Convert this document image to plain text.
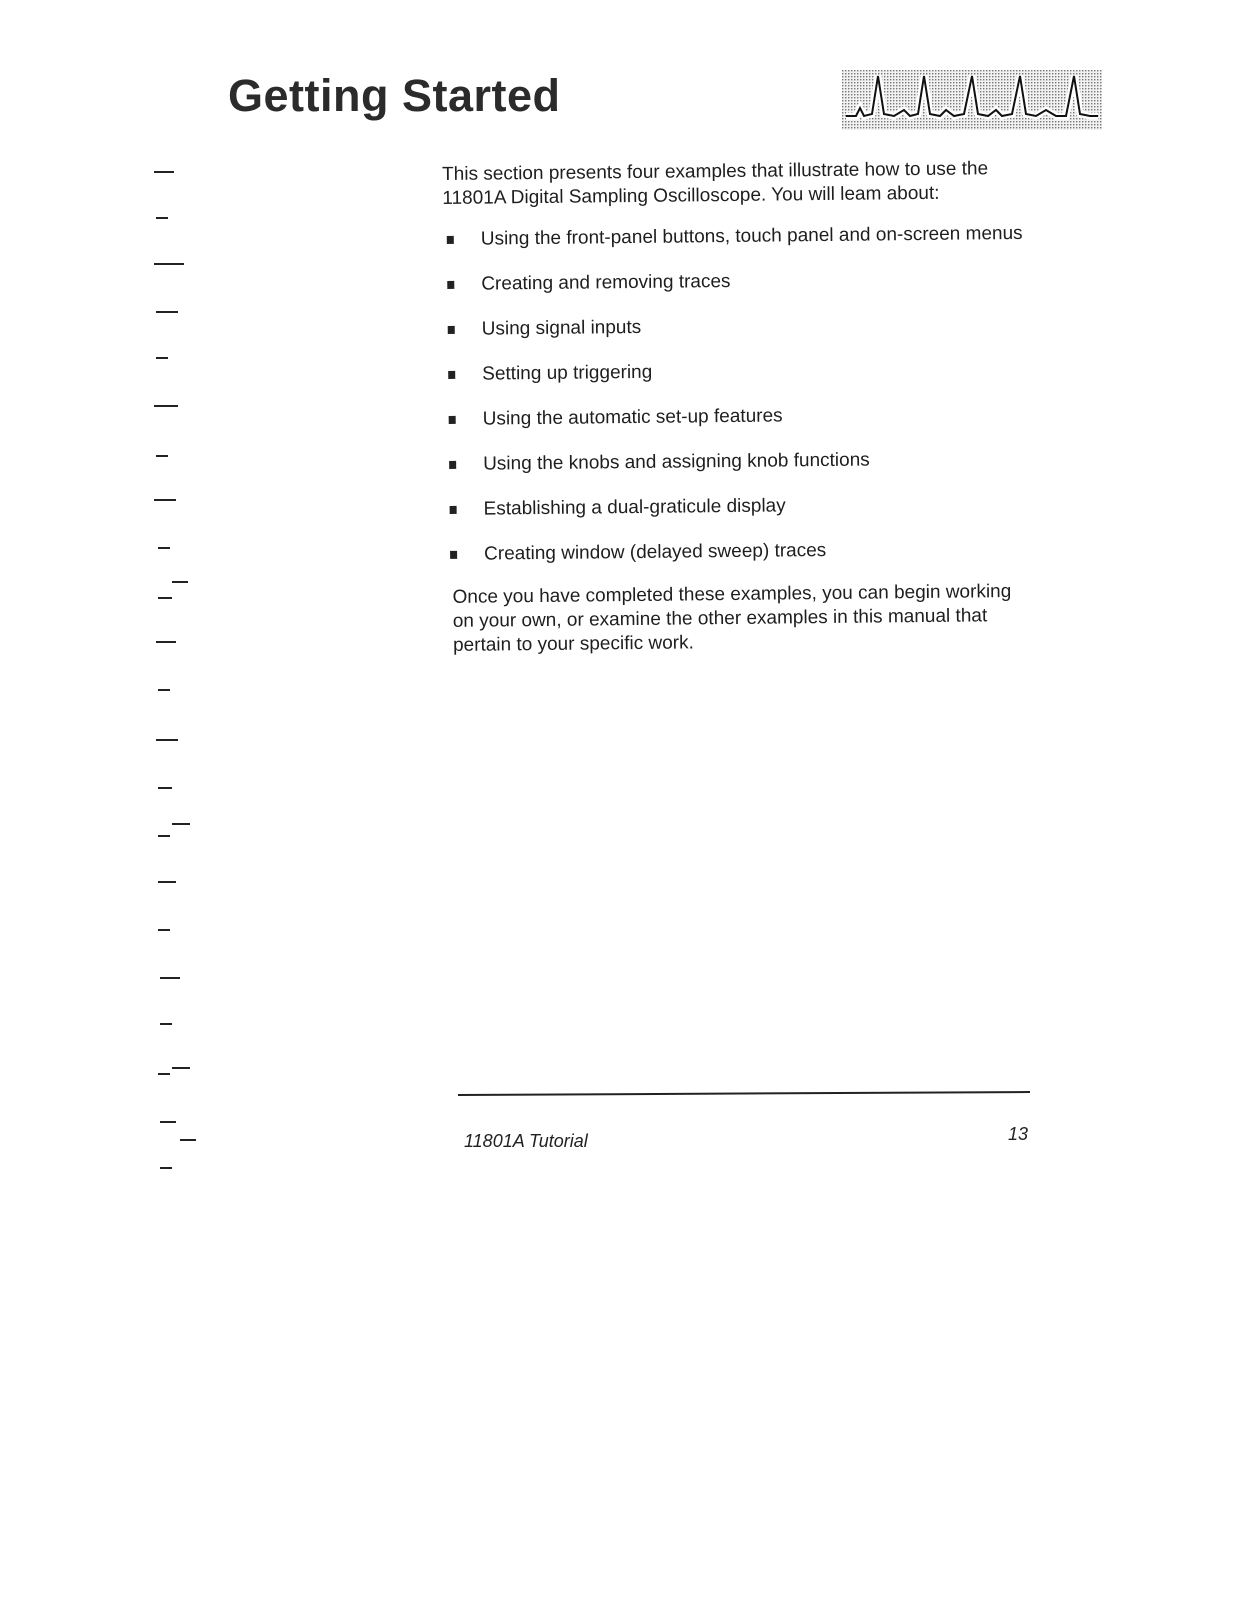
Getting Started

This section presents four examples that illustrate how to use the 11801A Digital Sampling Oscilloscope. You will leam about:

Using the front-panel buttons, touch panel and on-screen menus
Creating and removing traces
Using signal inputs
Setting up triggering
Using the automatic set-up features
Using the knobs and assigning knob functions
Establishing a dual-graticule display
Creating window (delayed sweep) traces

Once you have completed these examples, you can begin working on your own, or examine the other examples in this manual that pertain to your specific work.

11801A Tutorial	13
